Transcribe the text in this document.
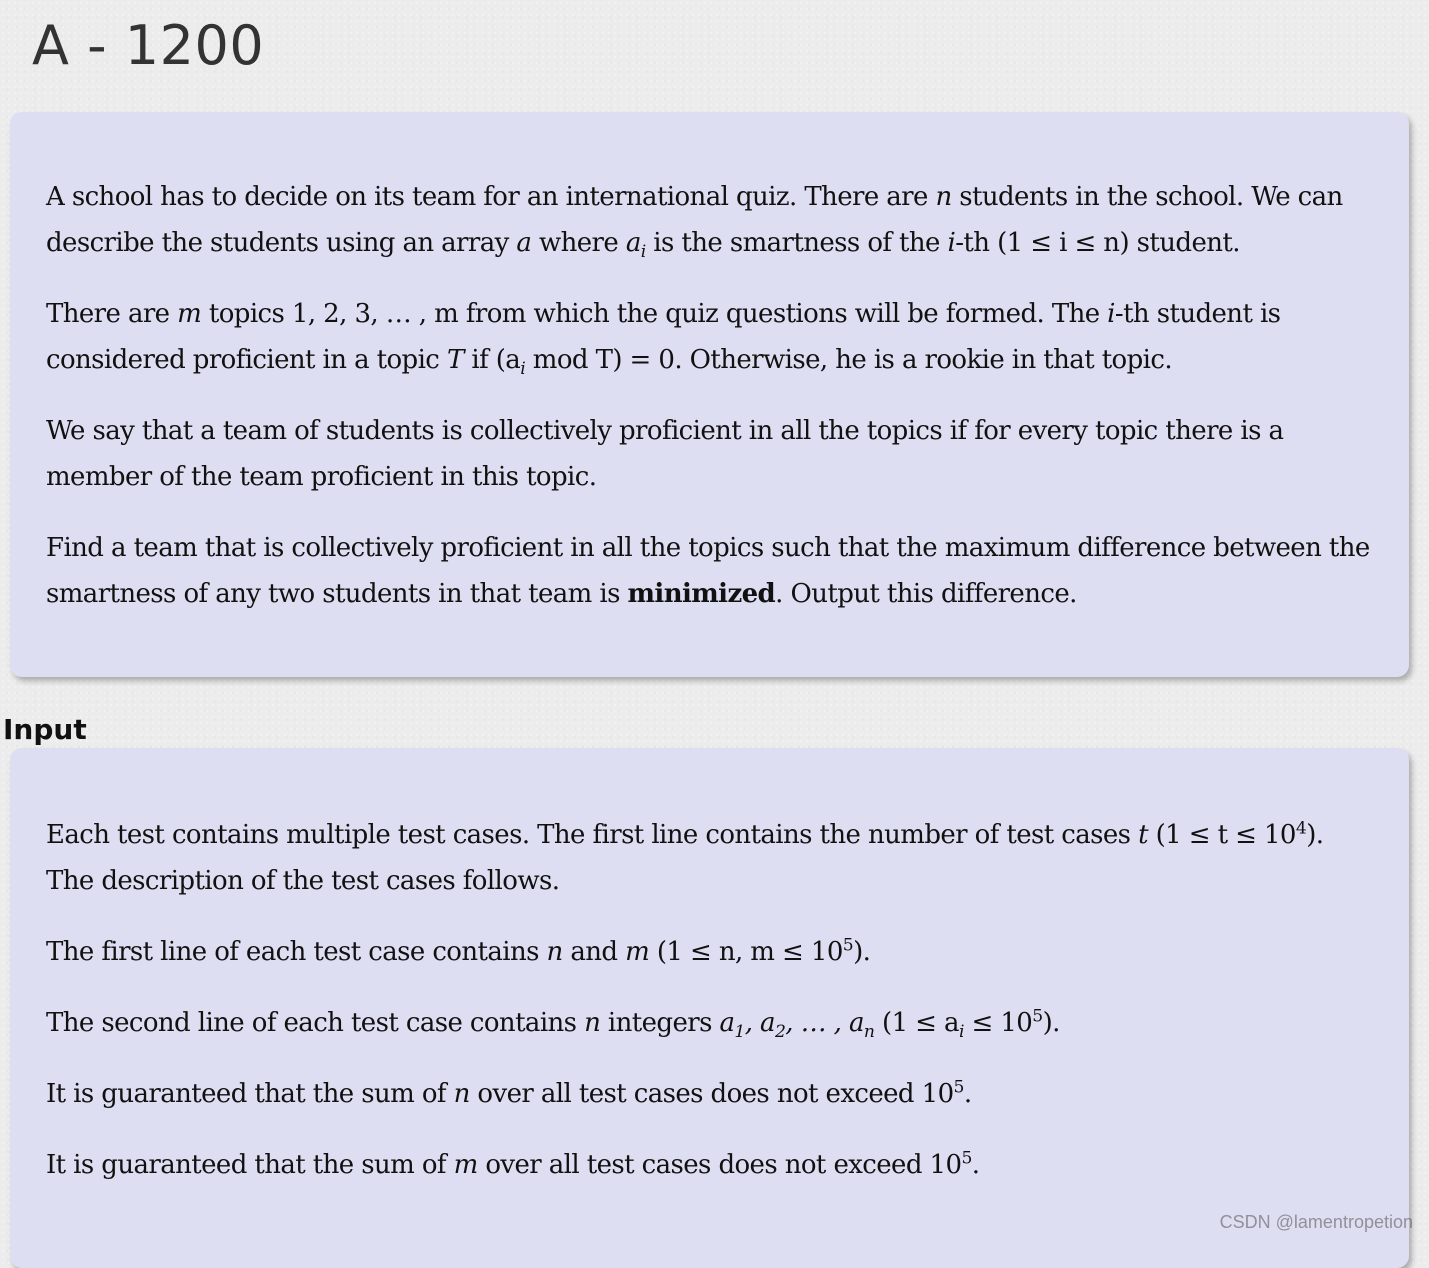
A - 1200

A school has to decide on its team for an international quiz. There are n students in the school. We can describe the students using an array a where $a_i$ is the smartness of the i-th (1 ≤ i ≤ n) student.

There are m topics 1, 2, 3, … , m from which the quiz questions will be formed. The i-th student is considered proficient in a topic T if ($a_i$ mod T) = 0. Otherwise, he is a rookie in that topic.

We say that a team of students is collectively proficient in all the topics if for every topic there is a member of the team proficient in this topic.

Find a team that is collectively proficient in all the topics such that the maximum difference between the smartness of any two students in that team is minimized. Output this difference.

Input

Each test contains multiple test cases. The first line contains the number of test cases t $(1 \le t \le 10^4)$. The description of the test cases follows.

The first line of each test case contains n and m (1 ≤ n, $m \le 10^5$).

The second line of each test case contains n integers $a_1$, $a_2$, … , $a_n$ $(1 \le a_i \le 10^5)$.

It is guaranteed that the sum of n over all test cases does not exceed $10^5$.

It is guaranteed that the sum of m over all test cases does not exceed $10^5$.

CSDN @lamentropetion
